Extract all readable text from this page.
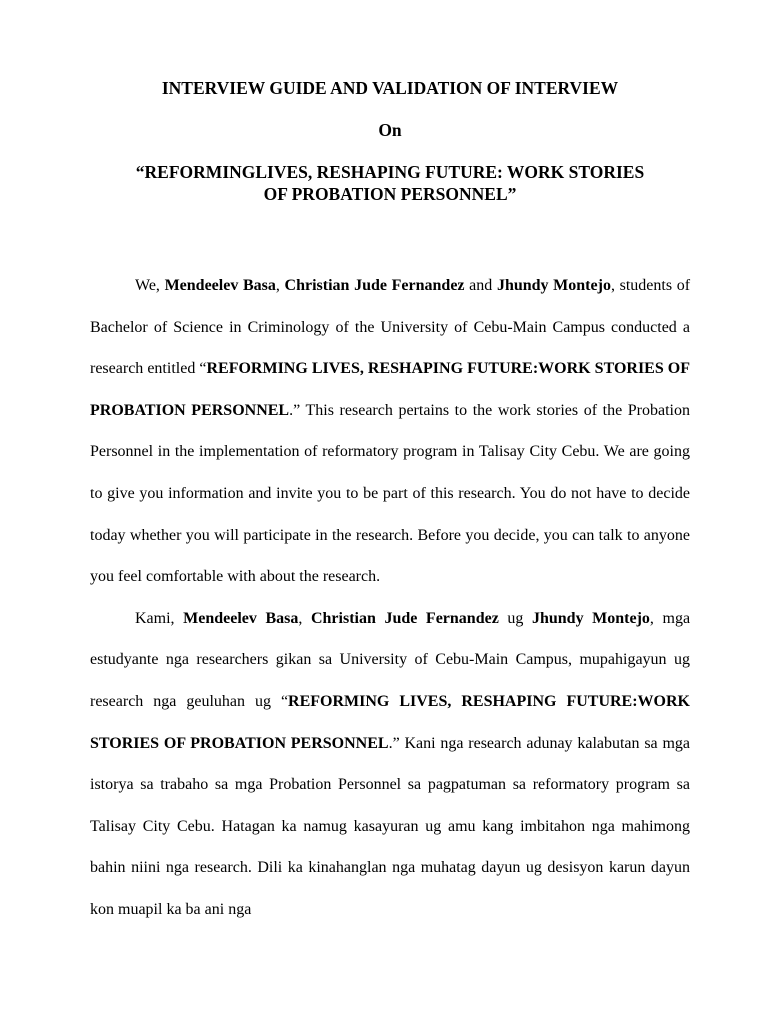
INTERVIEW GUIDE AND VALIDATION OF INTERVIEW

On

“REFORMINGLIVES, RESHAPING FUTURE: WORK STORIES
OF PROBATION PERSONNEL”

We, Mendeelev Basa, Christian Jude Fernandez and Jhundy Montejo, students of Bachelor of Science in Criminology of the University of Cebu-Main Campus conducted a research entitled “REFORMING LIVES, RESHAPING FUTURE:WORK STORIES OF PROBATION PERSONNEL.” This research pertains to the work stories of the Probation Personnel in the implementation of reformatory program in Talisay City Cebu. We are going to give you information and invite you to be part of this research. You do not have to decide today whether you will participate in the research. Before you decide, you can talk to anyone you feel comfortable with about the research.

Kami, Mendeelev Basa, Christian Jude Fernandez ug Jhundy Montejo, mga estudyante nga researchers gikan sa University of Cebu-Main Campus, mupahigayun ug research nga geuluhan ug “REFORMING LIVES, RESHAPING FUTURE:WORK STORIES OF PROBATION PERSONNEL.” Kani nga research adunay kalabutan sa mga istorya sa trabaho sa mga Probation Personnel sa pagpatuman sa reformatory program sa Talisay City Cebu. Hatagan ka namug kasayuran ug amu kang imbitahon nga mahimong bahin niini nga research. Dili ka kinahanglan nga muhatag dayun ug desisyon karun dayun kon muapil ka ba ani nga
